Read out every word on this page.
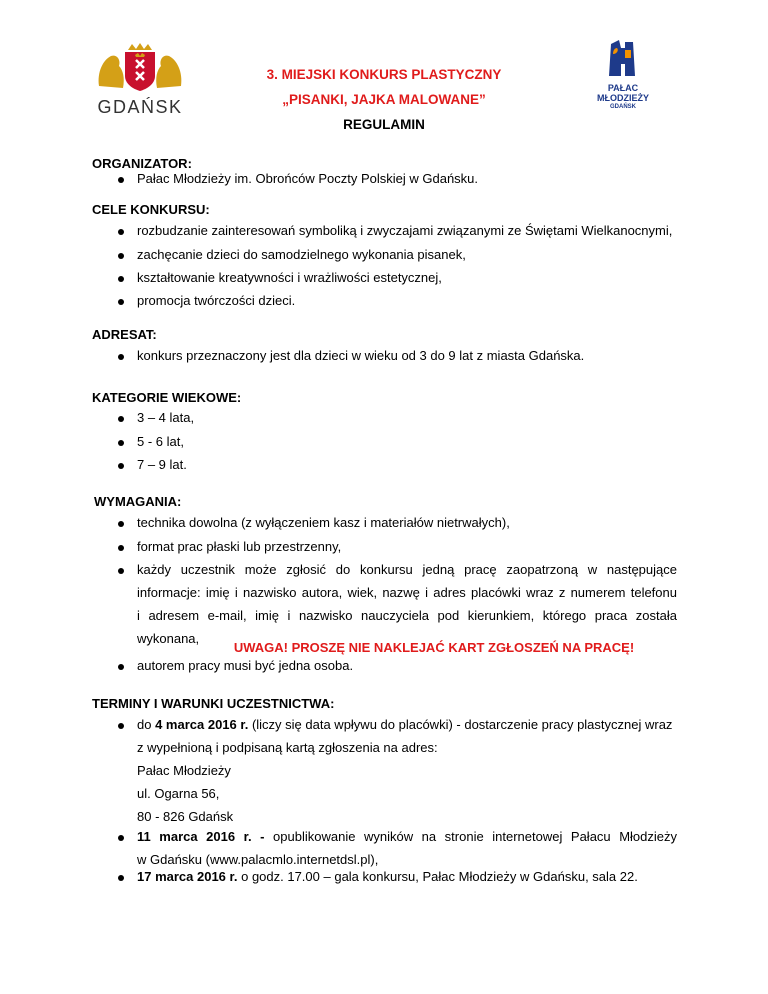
GDAŃSK
PAŁAC
MŁODZIEŻY
GDAŃSK
3. MIEJSKI KONKURS PLASTYCZNY
„PISANKI, JAJKA MALOWANE”
REGULAMIN
ORGANIZATOR:
Pałac Młodzieży im. Obrońców Poczty Polskiej w Gdańsku.
CELE KONKURSU:
rozbudzanie zainteresowań symboliką i zwyczajami związanymi ze Świętami Wielkanocnymi,
zachęcanie dzieci do samodzielnego wykonania pisanek,
kształtowanie kreatywności i wrażliwości estetycznej,
promocja twórczości dzieci.
ADRESAT:
konkurs przeznaczony jest dla dzieci w wieku od 3 do 9 lat z miasta Gdańska.
KATEGORIE WIEKOWE:
3 – 4 lata,
5 - 6 lat,
7 – 9 lat.
WYMAGANIA:
technika dowolna (z wyłączeniem kasz i materiałów nietrwałych),
format prac płaski lub przestrzenny,
każdy uczestnik może zgłosić do konkursu jedną pracę zaopatrzoną w następujące
informacje: imię i nazwisko autora, wiek, nazwę i adres placówki wraz z numerem telefonu
i adresem e-mail, imię i nazwisko nauczyciela pod kierunkiem, którego praca została
wykonana,
UWAGA! PROSZĘ NIE NAKLEJAĆ KART ZGŁOSZEŃ NA PRACĘ!
autorem pracy musi być jedna osoba.
TERMINY I WARUNKI UCZESTNICTWA:
do 4 marca 2016 r. (liczy się data wpływu do placówki) - dostarczenie pracy plastycznej wraz
z wypełnioną i podpisaną kartą zgłoszenia na adres:
Pałac Młodzieży
ul. Ogarna 56,
80 - 826 Gdańsk
11 marca 2016 r. - opublikowanie wyników na stronie internetowej Pałacu Młodzieży
w Gdańsku (www.palacmlo.internetdsl.pl),
17 marca 2016 r. o godz. 17.00 – gala konkursu, Pałac Młodzieży w Gdańsku, sala 22.
